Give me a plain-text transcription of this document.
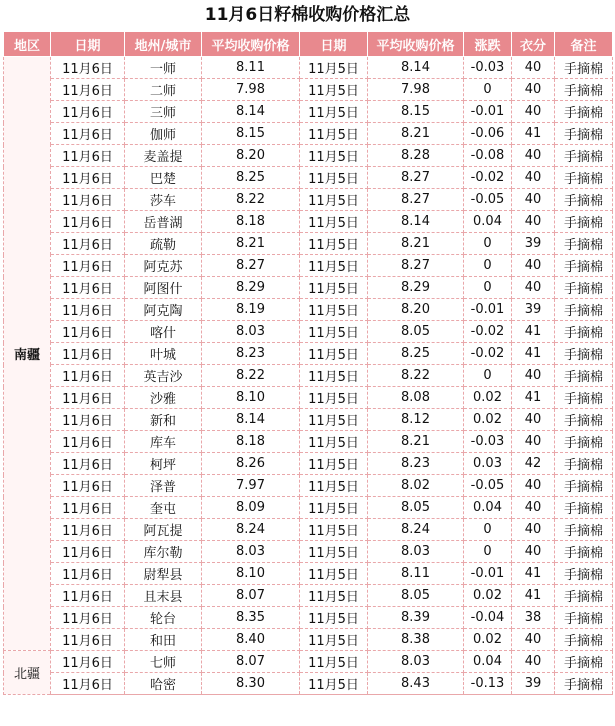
11月6日籽棉收购价格汇总
地区	日期	地州/城市	平均收购价格	日期	平均收购价格	涨跌	衣分	备注
南疆	11月6日	一师	8.11	11月5日	8.14	-0.03	40	手摘棉
	11月6日	二师	7.98	11月5日	7.98	0	40	手摘棉
	11月6日	三师	8.14	11月5日	8.15	-0.01	40	手摘棉
	11月6日	伽师	8.15	11月5日	8.21	-0.06	41	手摘棉
	11月6日	麦盖提	8.20	11月5日	8.28	-0.08	40	手摘棉
	11月6日	巴楚	8.25	11月5日	8.27	-0.02	40	手摘棉
	11月6日	莎车	8.22	11月5日	8.27	-0.05	40	手摘棉
	11月6日	岳普湖	8.18	11月5日	8.14	0.04	40	手摘棉
	11月6日	疏勒	8.21	11月5日	8.21	0	39	手摘棉
	11月6日	阿克苏	8.27	11月5日	8.27	0	40	手摘棉
	11月6日	阿图什	8.29	11月5日	8.29	0	40	手摘棉
	11月6日	阿克陶	8.19	11月5日	8.20	-0.01	39	手摘棉
	11月6日	喀什	8.03	11月5日	8.05	-0.02	41	手摘棉
	11月6日	叶城	8.23	11月5日	8.25	-0.02	41	手摘棉
	11月6日	英吉沙	8.22	11月5日	8.22	0	40	手摘棉
	11月6日	沙雅	8.10	11月5日	8.08	0.02	41	手摘棉
	11月6日	新和	8.14	11月5日	8.12	0.02	40	手摘棉
	11月6日	库车	8.18	11月5日	8.21	-0.03	40	手摘棉
	11月6日	柯坪	8.26	11月5日	8.23	0.03	42	手摘棉
	11月6日	泽普	7.97	11月5日	8.02	-0.05	40	手摘棉
	11月6日	奎屯	8.09	11月5日	8.05	0.04	40	手摘棉
	11月6日	阿瓦提	8.24	11月5日	8.24	0	40	手摘棉
	11月6日	库尔勒	8.03	11月5日	8.03	0	40	手摘棉
	11月6日	尉犁县	8.10	11月5日	8.11	-0.01	41	手摘棉
	11月6日	且末县	8.07	11月5日	8.05	0.02	41	手摘棉
	11月6日	轮台	8.35	11月5日	8.39	-0.04	38	手摘棉
	11月6日	和田	8.40	11月5日	8.38	0.02	40	手摘棉
北疆	11月6日	七师	8.07	11月5日	8.03	0.04	40	手摘棉
	11月6日	哈密	8.30	11月5日	8.43	-0.13	39	手摘棉
